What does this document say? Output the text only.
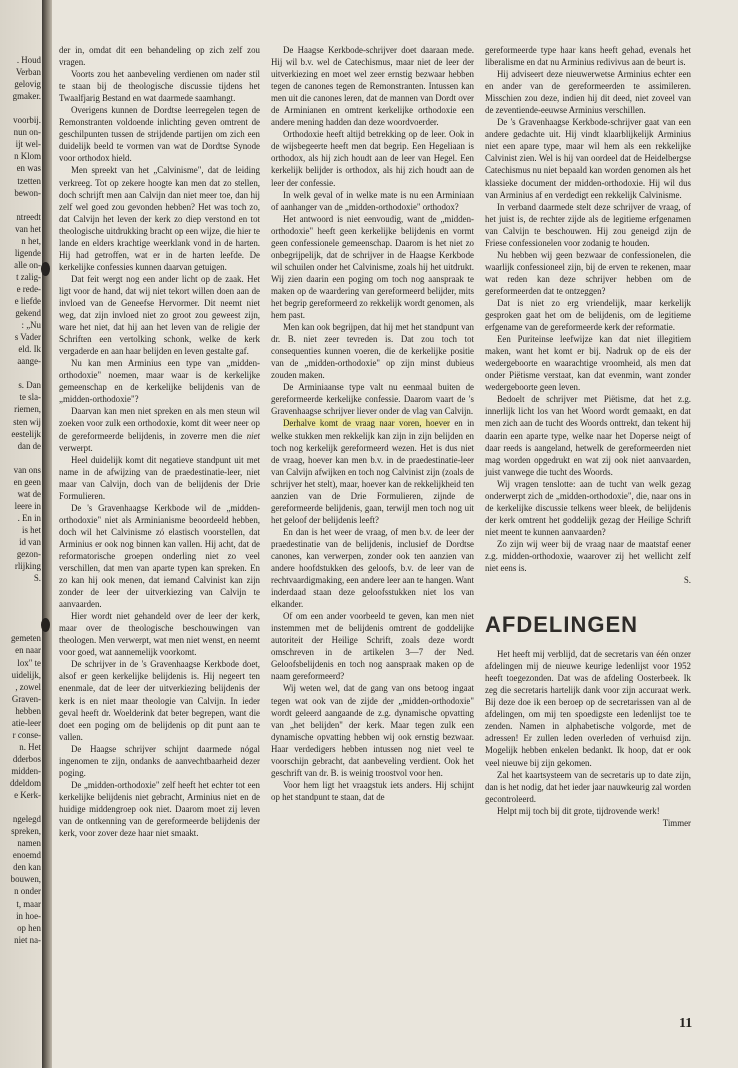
. Houd

Verban

gelovig

gmaker.

voorbij.

nun on-

ijt wel-

n Klom

en was

tzetten

bewon-

ntreedt

van het

n het,

ligende

alle on-

t zalig-

e rede-

e liefde

gekend

: „Nu

s Vader

eld. Ik

aange-

s. Dan

te sla-

riemen,

sten wij

eestelijk

dan de

van ons

en geen

wat de

leere in

. En in

is het

id van

gezon-

rlijking

S.

gemeten

en naar

lox" te

uidelijk,

, zowel

Graven-

hebben

atie-leer

r conse-

n. Het

dderbos

midden-

ddeldom

e Kerk-

ngelegd

spreken,

namen

enoemd

den kan

bouwen,

n onder

t, maar

in hoe-

op hen

niet na-

der in, omdat dit een behandeling op zich zelf zou vragen.

Voorts zou het aanbeveling verdienen om nader stil te staan bij de theologische discussie tijdens het Twaalfjarig Bestand en wat daarmede saamhangt.

Overigens kunnen de Dordtse leerregelen tegen de Remonstranten voldoende inlichting geven omtrent de geschilpunten tussen de strijdende partijen om zich een duidelijk beeld te vormen van wat de Dordtse Synode voor orthodox hield.

Men spreekt van het „Calvinisme", dat de leiding verkreeg. Tot op zekere hoogte kan men dat zo stellen, doch schrijft men aan Calvijn dan niet meer toe, dan hij zelf wel goed zou gevonden hebben? Het was toch zo, dat Calvijn het leven der kerk zo diep verstond en tot theologische uitdrukking bracht op een wijze, die hier te lande en elders krachtige weerklank vond in de harten. Hij had getroffen, wat er in de harten leefde. De kerkelijke confessies kunnen daarvan getuigen.

Dat feit wergt nog een ander licht op de zaak. Het ligt voor de hand, dat wij niet tekort willen doen aan de invloed van de Geneefse Hervormer. Dit neemt niet weg, dat zijn invloed niet zo groot zou geweest zijn, ware het niet, dat hij aan het leven van de religie der Schriften een vertolking schonk, welke de kerk vergaderde en aan haar belijden en leven gestalte gaf.

Nu kan men Arminius een type van „midden-orthodoxie" noemen, maar waar is de kerkelijke gemeenschap en de kerkelijke belijdenis van de „midden-orthodoxie"?

Daarvan kan men niet spreken en als men steun wil zoeken voor zulk een orthodoxie, komt dit weer neer op de gereformeerde belijdenis, in zoverre men die niet verwerpt.

Heel duidelijk komt dit negatieve standpunt uit met name in de afwijzing van de praedestinatie-leer, niet maar van Calvijn, doch van de belijdenis der Drie Formulieren.

De 's Gravenhaagse Kerkbode wil de „midden-orthodoxie" niet als Arminianisme beoordeeld hebben, doch wil het Calvinisme zó elastisch voorstellen, dat Arminius er ook nog binnen kan vallen. Hij acht, dat de reformatorische groepen onderling niet zo veel verschillen, dat men van aparte typen kan spreken. En zo kan hij ook menen, dat iemand Calvinist kan zijn zonder de leer der uitverkiezing van Calvijn te aanvaarden.

Hier wordt niet gehandeld over de leer der kerk, maar over de theologische beschouwingen van theologen. Men verwerpt, wat men niet wenst, en neemt voor goed, wat aannemelijk voorkomt.

De schrijver in de 's Gravenhaagse Kerkbode doet, alsof er geen kerkelijke belijdenis is. Hij negeert ten enenmale, dat de leer der uitverkiezing belijdenis der kerk is en niet maar theologie van Calvijn. In ieder geval heeft dr. Woelderink dat beter begrepen, want die doet een poging om de belijdenis op dit punt aan te vallen.

De Haagse schrijver schijnt daarmede nógal ingenomen te zijn, ondanks de aanvechtbaarheid dezer poging.

De „midden-orthodoxie" zelf heeft het echter tot een kerkelijke belijdenis niet gebracht, Arminius niet en de huidige middengroep ook niet. Daarom moet zij leven van de ontkenning van de gereformeerde belijdenis der kerk, voor zover deze haar niet smaakt.

De Haagse Kerkbode-schrijver doet daaraan mede. Hij wil b.v. wel de Catechismus, maar niet de leer der uitverkiezing en moet wel zeer ernstig bezwaar hebben tegen de canones tegen de Remonstranten. Intussen kan men uit die canones leren, dat de mannen van Dordt over de Arminianen en omtrent kerkelijke orthodoxie een andere mening hadden dan deze woordvoerder.

Orthodoxie heeft altijd betrekking op de leer. Ook in de wijsbegeerte heeft men dat begrip. Een Hegeliaan is orthodox, als hij zich houdt aan de leer van Hegel. Een kerkelijk belijder is orthodox, als hij zich houdt aan de leer der confessie.

In welk geval of in welke mate is nu een Arminiaan of aanhanger van de „midden-orthodoxie" orthodox?

Het antwoord is niet eenvoudig, want de „midden-orthodoxie" heeft geen kerkelijke belijdenis en vormt geen confessionele gemeenschap. Daarom is het niet zo onbegrijpelijk, dat de schrijver in de Haagse Kerkbode wil schuilen onder het Calvinisme, zoals hij het uitdrukt. Wij zien daarin een poging om toch nog aanspraak te maken op de waardering van gereformeerd belijder, mits het begrip gereformeerd zo rekkelijk wordt genomen, als hem past.

Men kan ook begrijpen, dat hij met het standpunt van dr. B. niet zeer tevreden is. Dat zou toch tot consequenties kunnen voeren, die de kerkelijke positie van de „midden-orthodoxie" op zijn minst dubieus zouden maken.

De Arminiaanse type valt nu eenmaal buiten de gereformeerde kerkelijke confessie. Daarom vaart de 's Gravenhaagse schrijver liever onder de vlag van Calvijn.

Derhalve komt de vraag naar voren, hoever en in welke stukken men rekkelijk kan zijn in zijn belijden en toch nog kerkelijk gereformeerd wezen. Het is dus niet de vraag, hoever kan men b.v. in de praedestinatie-leer van Calvijn afwijken en toch nog Calvinist zijn (zoals de schrijver het stelt), maar, hoever kan de rekkelijkheid ten aanzien van de Drie Formulieren, zijnde de gereformeerde belijdenis, gaan, terwijl men toch nog uit het geloof der belijdenis leeft?

En dan is het weer de vraag, of men b.v. de leer der praedestinatie van de belijdenis, inclusief de Dordtse canones, kan verwerpen, zonder ook ten aanzien van andere hoofdstukken des geloofs, b.v. de leer van de rechtvaardigmaking, een andere leer aan te hangen. Want inderdaad staan deze geloofsstukken niet los van elkander.

Of om een ander voorbeeld te geven, kan men niet instemmen met de belijdenis omtrent de goddelijke autoriteit der Heilige Schrift, zoals deze wordt omschreven in de artikelen 3—7 der Ned. Geloofsbelijdenis en toch nog aanspraak maken op de naam gereformeerd?

Wij weten wel, dat de gang van ons betoog ingaat tegen wat ook van de zijde der „midden-orthodoxie" wordt geleerd aangaande de z.g. dynamische opvatting van „het belijden" der kerk. Maar tegen zulk een dynamische opvatting hebben wij ook ernstig bezwaar. Haar verdedigers hebben intussen nog niet veel te voorschijn gebracht, dat aanbeveling verdient. Ook het geschrift van dr. B. is weinig troostvol voor hen.

Voor hem ligt het vraagstuk iets anders. Hij schijnt op het standpunt te staan, dat de

gereformeerde type haar kans heeft gehad, evenals het liberalisme en dat nu Arminius redivivus aan de beurt is.

Hij adviseert deze nieuwerwetse Arminius echter een en ander van de gereformeerden te assimileren. Misschien zou deze, indien hij dit deed, niet zoveel van de zeventiende-eeuwse Arminius verschillen.

De 's Gravenhaagse Kerkbode-schrijver gaat van een andere gedachte uit. Hij vindt klaarblijkelijk Arminius niet een apare type, maar wil hem als een rekkelijke Calvinist zien. Wel is hij van oordeel dat de Heidelbergse Catechismus nu niet bepaald kan worden genomen als het klassieke document der midden-orthodoxie. Hij wil dus van Arminius af en verdedigt een rekkelijk Calvinisme.

In verband daarmede stelt deze schrijver de vraag, of het juist is, de rechter zijde als de legitieme erfgenamen van Calvijn te beschouwen. Hij zou geneigd zijn de Friese confessionelen voor zodanig te houden.

Nu hebben wij geen bezwaar de confessionelen, die waarlijk confessioneel zijn, bij de erven te rekenen, maar wat reden kan deze schrijver hebben om de gereformeerden dat te ontzeggen?

Dat is niet zo erg vriendelijk, maar kerkelijk gesproken gaat het om de belijdenis, om de legitieme erfgename van de gereformeerde kerk der reformatie.

Een Puriteinse leefwijze kan dat niet illegitiem maken, want het komt er bij. Nadruk op de eis der wedergeboorte en waarachtige vroomheid, als men dat onder Piëtisme verstaat, kan dat evenmin, want zonder wedergeboorte geen leven.

Bedoelt de schrijver met Piëtisme, dat het z.g. innerlijk licht los van het Woord wordt gemaakt, en dat men zich aan de tucht des Woords onttrekt, dan tekent hij daarin een aparte type, welke naar het Doperse neigt of daar reeds is aangeland, hetwelk de gereformeerden niet mag worden opgedrukt en wat zij ook niet aanvaarden, juist vanwege die tucht des Woords.

Wij vragen tenslotte: aan de tucht van welk gezag onderwerpt zich de „midden-orthodoxie", die, naar ons in de kerkelijke discussie telkens weer bleek, de belijdenis der kerk omtrent het goddelijk gezag der Heilige Schrift niet meent te kunnen aanvaarden?

Zo zijn wij weer bij de vraag naar de maatstaf eener z.g. midden-orthodoxie, waarover zij het wellicht zelf niet eens is.

S.

AFDELINGEN

Het heeft mij verblijd, dat de secretaris van één onzer afdelingen mij de nieuwe keurige ledenlijst voor 1952 heeft toegezonden. Dat was de afdeling Oosterbeek. Ik zeg die secretaris hartelijk dank voor zijn accuraat werk. Bij deze doe ik een beroep op de secretarissen van al de afdelingen, om mij ten spoedigste een ledenlijst toe te zenden. Namen in alphabetische volgorde, met de adressen! Er zullen leden overleden of verhuisd zijn. Mogelijk hebben enkelen bedankt. Ik hoop, dat er ook veel nieuwe bij zijn gekomen.

Zal het kaartsysteem van de secretaris up to date zijn, dan is het nodig, dat het ieder jaar nauwkeurig zal worden gecontroleerd.

Helpt mij toch bij dit grote, tijdrovende werk!

Timmer

11
